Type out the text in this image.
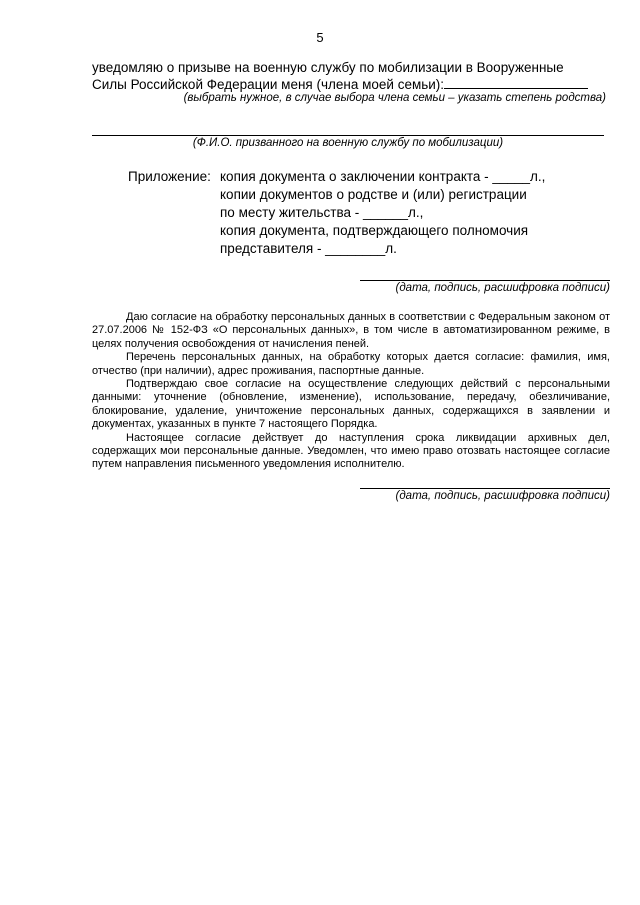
5
уведомляю о призыве на военную службу по мобилизации в Вооруженные
Силы Российской Федерации меня (члена моей семьи):
(выбрать нужное, в случае выбора члена семьи – указать степень родства)
(Ф.И.О. призванного на военную службу по мобилизации)
Приложение: копия документа о заключении контракта - _____л.,
копии документов о родстве и (или) регистрации
по месту жительства - ______л.,
копия документа, подтверждающего полномочия
представителя - ________л.
(дата, подпись, расшифровка подписи)

Даю согласие на обработку персональных данных в соответствии с Федеральным законом от 27.07.2006 № 152-ФЗ «О персональных данных», в том числе в автоматизированном режиме, в целях получения освобождения от начисления пеней.

Перечень персональных данных, на обработку которых дается согласие: фамилия, имя, отчество (при наличии), адрес проживания, паспортные данные.

Подтверждаю свое согласие на осуществление следующих действий с персональными данными: уточнение (обновление, изменение), использование, передачу, обезличивание, блокирование, удаление, уничтожение персональных данных, содержащихся в заявлении и документах, указанных в пункте 7 настоящего Порядка.

Настоящее согласие действует до наступления срока ликвидации архивных дел, содержащих мои персональные данные. Уведомлен, что имею право отозвать настоящее согласие путем направления письменного уведомления исполнителю.

(дата, подпись, расшифровка подписи)
